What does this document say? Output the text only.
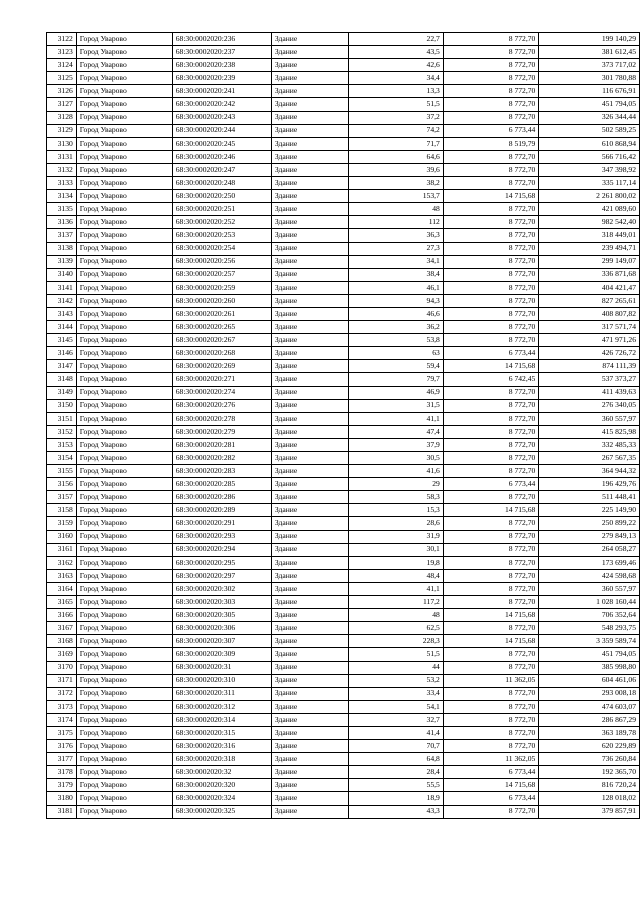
3122	Город Уварово	68:30:0002020:236	Здание	22,7	8 772,70	199 140,29
3123	Город Уварово	68:30:0002020:237	Здание	43,5	8 772,70	381 612,45
3124	Город Уварово	68:30:0002020:238	Здание	42,6	8 772,70	373 717,02
3125	Город Уварово	68:30:0002020:239	Здание	34,4	8 772,70	301 780,88
3126	Город Уварово	68:30:0002020:241	Здание	13,3	8 772,70	116 676,91
3127	Город Уварово	68:30:0002020:242	Здание	51,5	8 772,70	451 794,05
3128	Город Уварово	68:30:0002020:243	Здание	37,2	8 772,70	326 344,44
3129	Город Уварово	68:30:0002020:244	Здание	74,2	6 773,44	502 589,25
3130	Город Уварово	68:30:0002020:245	Здание	71,7	8 519,79	610 868,94
3131	Город Уварово	68:30:0002020:246	Здание	64,6	8 772,70	566 716,42
3132	Город Уварово	68:30:0002020:247	Здание	39,6	8 772,70	347 398,92
3133	Город Уварово	68:30:0002020:248	Здание	38,2	8 772,70	335 117,14
3134	Город Уварово	68:30:0002020:250	Здание	153,7	14 715,68	2 261 800,02
3135	Город Уварово	68:30:0002020:251	Здание	48	8 772,70	421 089,60
3136	Город Уварово	68:30:0002020:252	Здание	112	8 772,70	982 542,40
3137	Город Уварово	68:30:0002020:253	Здание	36,3	8 772,70	318 449,01
3138	Город Уварово	68:30:0002020:254	Здание	27,3	8 772,70	239 494,71
3139	Город Уварово	68:30:0002020:256	Здание	34,1	8 772,70	299 149,07
3140	Город Уварово	68:30:0002020:257	Здание	38,4	8 772,70	336 871,68
3141	Город Уварово	68:30:0002020:259	Здание	46,1	8 772,70	404 421,47
3142	Город Уварово	68:30:0002020:260	Здание	94,3	8 772,70	827 265,61
3143	Город Уварово	68:30:0002020:261	Здание	46,6	8 772,70	408 807,82
3144	Город Уварово	68:30:0002020:265	Здание	36,2	8 772,70	317 571,74
3145	Город Уварово	68:30:0002020:267	Здание	53,8	8 772,70	471 971,26
3146	Город Уварово	68:30:0002020:268	Здание	63	6 773,44	426 726,72
3147	Город Уварово	68:30:0002020:269	Здание	59,4	14 715,68	874 111,39
3148	Город Уварово	68:30:0002020:271	Здание	79,7	6 742,45	537 373,27
3149	Город Уварово	68:30:0002020:274	Здание	46,9	8 772,70	411 439,63
3150	Город Уварово	68:30:0002020:276	Здание	31,5	8 772,70	276 340,05
3151	Город Уварово	68:30:0002020:278	Здание	41,1	8 772,70	360 557,97
3152	Город Уварово	68:30:0002020:279	Здание	47,4	8 772,70	415 825,98
3153	Город Уварово	68:30:0002020:281	Здание	37,9	8 772,70	332 485,33
3154	Город Уварово	68:30:0002020:282	Здание	30,5	8 772,70	267 567,35
3155	Город Уварово	68:30:0002020:283	Здание	41,6	8 772,70	364 944,32
3156	Город Уварово	68:30:0002020:285	Здание	29	6 773,44	196 429,76
3157	Город Уварово	68:30:0002020:286	Здание	58,3	8 772,70	511 448,41
3158	Город Уварово	68:30:0002020:289	Здание	15,3	14 715,68	225 149,90
3159	Город Уварово	68:30:0002020:291	Здание	28,6	8 772,70	250 899,22
3160	Город Уварово	68:30:0002020:293	Здание	31,9	8 772,70	279 849,13
3161	Город Уварово	68:30:0002020:294	Здание	30,1	8 772,70	264 058,27
3162	Город Уварово	68:30:0002020:295	Здание	19,8	8 772,70	173 699,46
3163	Город Уварово	68:30:0002020:297	Здание	48,4	8 772,70	424 598,68
3164	Город Уварово	68:30:0002020:302	Здание	41,1	8 772,70	360 557,97
3165	Город Уварово	68:30:0002020:303	Здание	117,2	8 772,70	1 028 160,44
3166	Город Уварово	68:30:0002020:305	Здание	48	14 715,68	706 352,64
3167	Город Уварово	68:30:0002020:306	Здание	62,5	8 772,70	548 293,75
3168	Город Уварово	68:30:0002020:307	Здание	228,3	14 715,68	3 359 589,74
3169	Город Уварово	68:30:0002020:309	Здание	51,5	8 772,70	451 794,05
3170	Город Уварово	68:30:0002020:31	Здание	44	8 772,70	385 998,80
3171	Город Уварово	68:30:0002020:310	Здание	53,2	11 362,05	604 461,06
3172	Город Уварово	68:30:0002020:311	Здание	33,4	8 772,70	293 008,18
3173	Город Уварово	68:30:0002020:312	Здание	54,1	8 772,70	474 603,07
3174	Город Уварово	68:30:0002020:314	Здание	32,7	8 772,70	286 867,29
3175	Город Уварово	68:30:0002020:315	Здание	41,4	8 772,70	363 189,78
3176	Город Уварово	68:30:0002020:316	Здание	70,7	8 772,70	620 229,89
3177	Город Уварово	68:30:0002020:318	Здание	64,8	11 362,05	736 260,84
3178	Город Уварово	68:30:0002020:32	Здание	28,4	6 773,44	192 365,70
3179	Город Уварово	68:30:0002020:320	Здание	55,5	14 715,68	816 720,24
3180	Город Уварово	68:30:0002020:324	Здание	18,9	6 773,44	128 018,02
3181	Город Уварово	68:30:0002020:325	Здание	43,3	8 772,70	379 857,91
